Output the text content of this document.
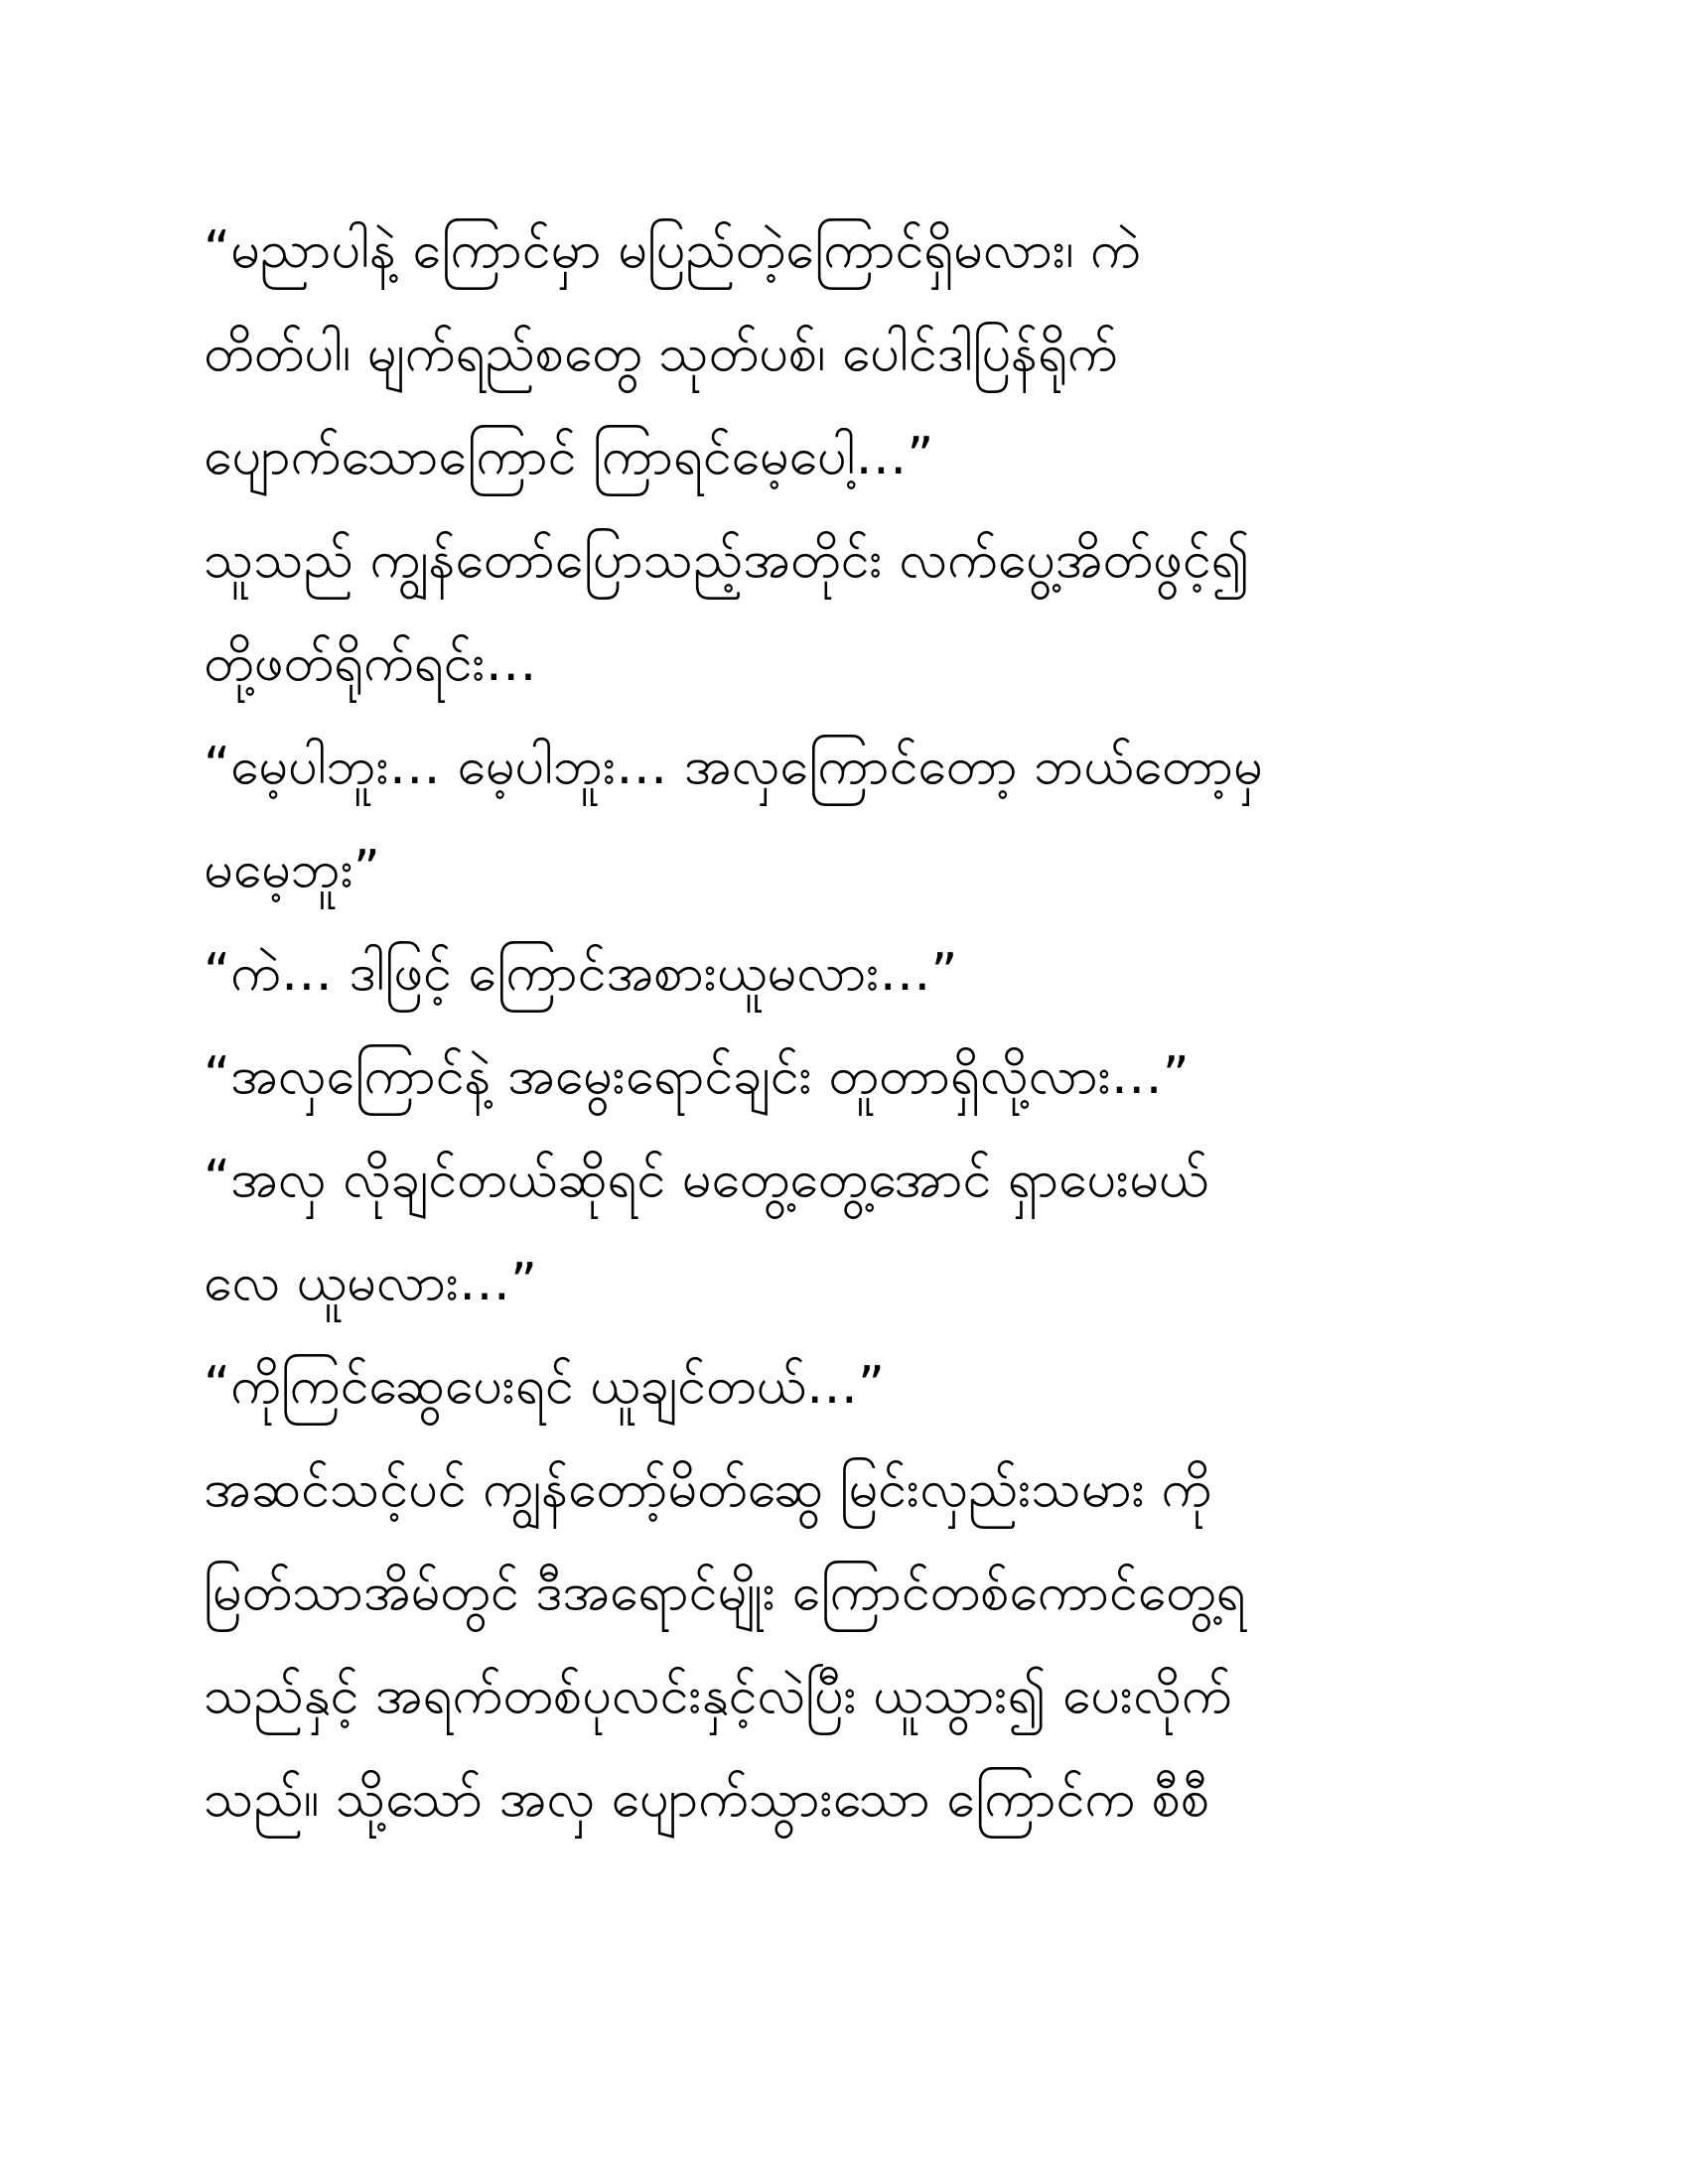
“မညာပါနဲ့ ကြောင်မှာ မပြည်တဲ့ကြောင်ရှိမလား၊ ကဲ
တိတ်ပါ၊ မျက်ရည်စတွေ သုတ်ပစ်၊ ပေါင်ဒါပြန်ရိုက်
ပျောက်သောကြောင် ကြာရင်မေ့ပေါ့…”
သူသည် ကျွန်တော်ပြောသည့်အတိုင်း လက်ပွေ့အိတ်ဖွင့်၍
တို့ဖတ်ရိုက်ရင်း…
“မေ့ပါဘူး… မေ့ပါဘူး… အလှကြောင်တော့ ဘယ်တော့မှ
မမေ့ဘူး”
“ကဲ… ဒါဖြင့် ကြောင်အစားယူမလား…”
“အလှကြောင်နဲ့ အမွေးရောင်ချင်း တူတာရှိလို့လား…”
“အလှ လိုချင်တယ်ဆိုရင် မတွေ့တွေ့အောင် ရှာပေးမယ်
လေ ယူမလား…”
“ကိုကြင်ဆွေပေးရင် ယူချင်တယ်…”
အဆင်သင့်ပင် ကျွန်တော့်မိတ်ဆွေ မြင်းလှည်းသမား ကို
မြတ်သာအိမ်တွင် ဒီအရောင်မျိုး ကြောင်တစ်ကောင်တွေ့ရ
သည်နှင့် အရက်တစ်ပုလင်းနှင့်လဲပြီး ယူသွား၍ ပေးလိုက်
သည်။ သို့သော် အလှ ပျောက်သွားသော ကြောင်က စီစီ
